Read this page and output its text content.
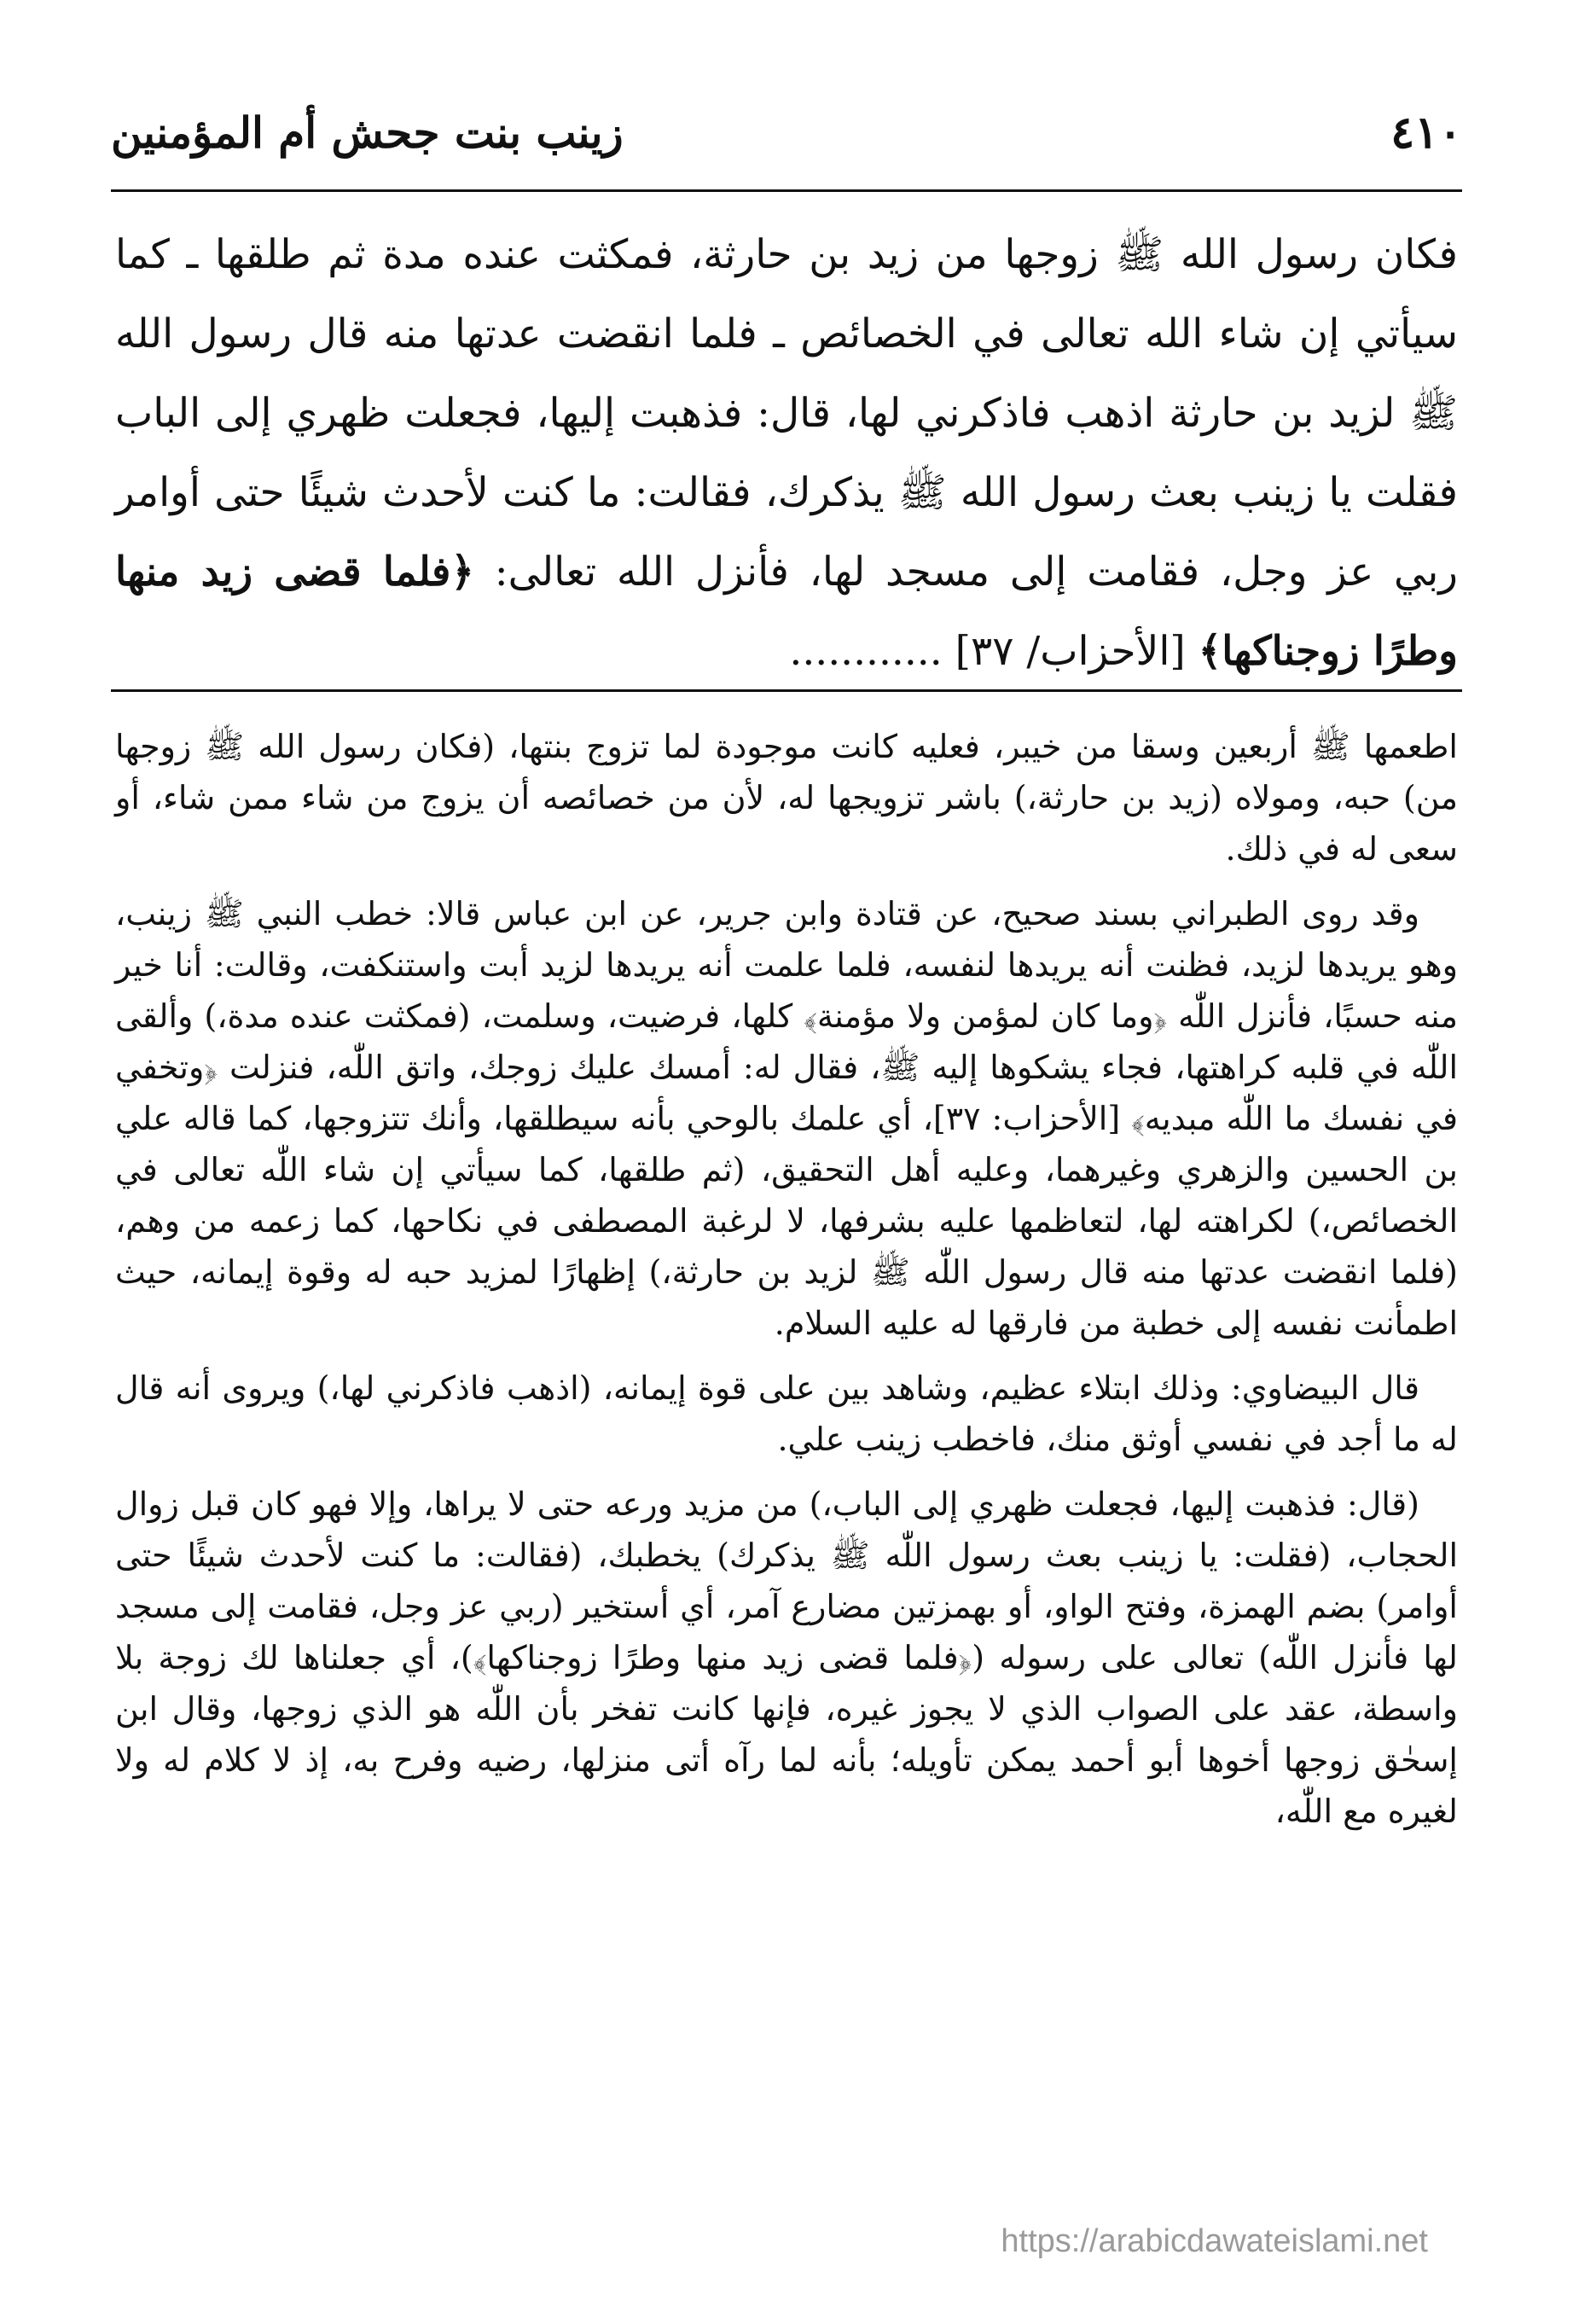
٤١٠
زينب بنت جحش أم المؤمنين

فكان رسول الله ﷺ زوجها من زيد بن حارثة، فمكثت عنده مدة ثم طلقها ـ كما سيأتي إن شاء الله تعالى في الخصائص ـ فلما انقضت عدتها منه قال رسول الله ﷺ لزيد بن حارثة اذهب فاذكرني لها، قال: فذهبت إليها، فجعلت ظهري إلى الباب فقلت يا زينب بعث رسول الله ﷺ يذكرك، فقالت: ما كنت لأحدث شيئًا حتى أوامر ربي عز وجل، فقامت إلى مسجد لها، فأنزل الله تعالى: ﴿فلما قضى زيد منها وطرًا زوجناكها﴾ [الأحزاب/ ٣٧] ............

اطعمها ﷺ أربعين وسقا من خيبر، فعليه كانت موجودة لما تزوج بنتها، (فكان رسول الله ﷺ زوجها من) حبه، ومولاه (زيد بن حارثة،) باشر تزويجها له، لأن من خصائصه أن يزوج من شاء ممن شاء، أو سعى له في ذلك.

وقد روى الطبراني بسند صحيح، عن قتادة وابن جرير، عن ابن عباس قالا: خطب النبي ﷺ زينب، وهو يريدها لزيد، فظنت أنه يريدها لنفسه، فلما علمت أنه يريدها لزيد أبت واستنكفت، وقالت: أنا خير منه حسبًا، فأنزل اللّٰه ﴿وما كان لمؤمن ولا مؤمنة﴾ كلها، فرضيت، وسلمت، (فمكثت عنده مدة،) وألقى اللّٰه في قلبه كراهتها، فجاء يشكوها إليه ﷺ، فقال له: أمسك عليك زوجك، واتق اللّٰه، فنزلت ﴿وتخفي في نفسك ما اللّٰه مبديه﴾ [الأحزاب: ٣٧]، أي علمك بالوحي بأنه سيطلقها، وأنك تتزوجها، كما قاله علي بن الحسين والزهري وغيرهما، وعليه أهل التحقيق، (ثم طلقها، كما سيأتي إن شاء اللّٰه تعالى في الخصائص،) لكراهته لها، لتعاظمها عليه بشرفها، لا لرغبة المصطفى في نكاحها، كما زعمه من وهم، (فلما انقضت عدتها منه قال رسول اللّٰه ﷺ لزيد بن حارثة،) إظهارًا لمزيد حبه له وقوة إيمانه، حيث اطمأنت نفسه إلى خطبة من فارقها له عليه السلام.

قال البيضاوي: وذلك ابتلاء عظيم، وشاهد بين على قوة إيمانه، (اذهب فاذكرني لها،) ويروى أنه قال له ما أجد في نفسي أوثق منك، فاخطب زينب علي.

(قال: فذهبت إليها، فجعلت ظهري إلى الباب،) من مزيد ورعه حتى لا يراها، وإلا فهو كان قبل زوال الحجاب، (فقلت: يا زينب بعث رسول اللّٰه ﷺ يذكرك) يخطبك، (فقالت: ما كنت لأحدث شيئًا حتى أوامر) بضم الهمزة، وفتح الواو، أو بهمزتين مضارع آمر، أي أستخير (ربي عز وجل، فقامت إلى مسجد لها فأنزل اللّٰه) تعالى على رسوله (﴿فلما قضى زيد منها وطرًا زوجناكها﴾)، أي جعلناها لك زوجة بلا واسطة، عقد على الصواب الذي لا يجوز غيره، فإنها كانت تفخر بأن اللّٰه هو الذي زوجها، وقال ابن إسحٰق زوجها أخوها أبو أحمد يمكن تأويله؛ بأنه لما رآه أتى منزلها، رضيه وفرح به، إذ لا كلام له ولا لغيره مع اللّٰه،

https://arabicdawateislami.net
